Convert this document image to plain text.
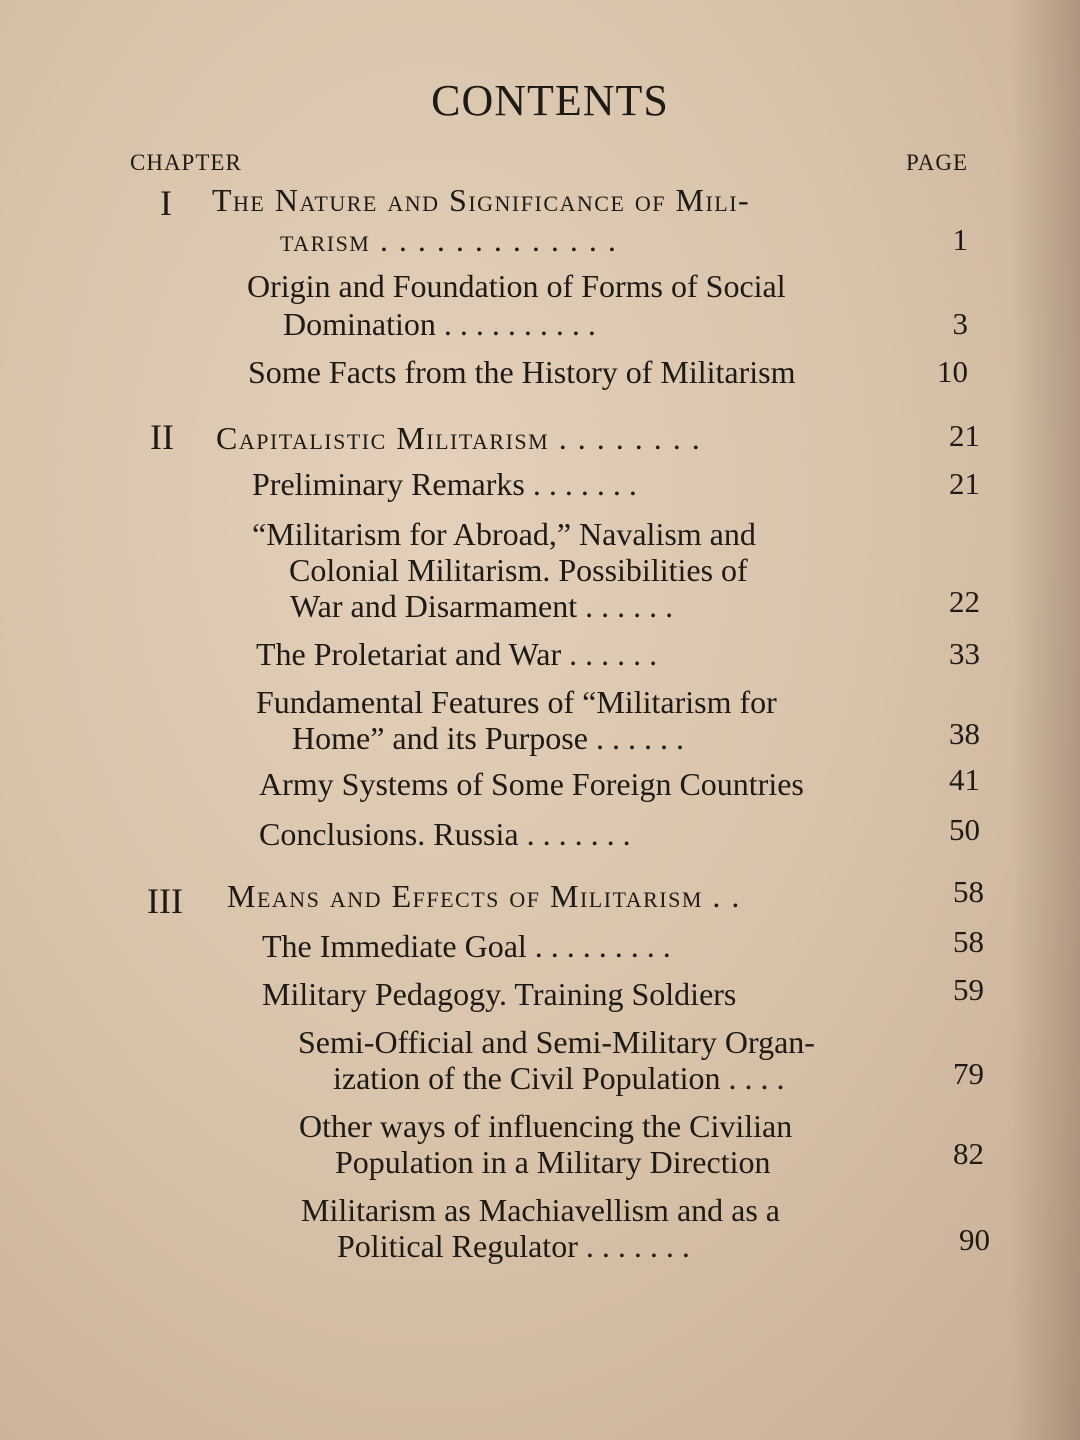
CONTENTS
CHAPTER	PAGE
I The Nature and Significance of Mili-
tarism . . . . . . . . . . . . .	1
Origin and Foundation of Forms of Social
Domination . . . . . . . . . .	3
Some Facts from the History of Militarism	10
II Capitalistic Militarism . . . . . . . .	21
Preliminary Remarks . . . . . . .	21
“Militarism for Abroad,” Navalism and
Colonial Militarism. Possibilities of
War and Disarmament . . . . . .	22
The Proletariat and War . . . . . .	33
Fundamental Features of “Militarism for
Home” and its Purpose . . . . . .	38
Army Systems of Some Foreign Countries	41
Conclusions. Russia . . . . . . .	50
III Means and Effects of Militarism . .	58
The Immediate Goal . . . . . . . . .	58
Military Pedagogy. Training Soldiers	59
Semi-Official and Semi-Military Organ-
ization of the Civil Population . . . .	79
Other ways of influencing the Civilian
Population in a Military Direction	82
Militarism as Machiavellism and as a
Political Regulator . . . . . . .	90
